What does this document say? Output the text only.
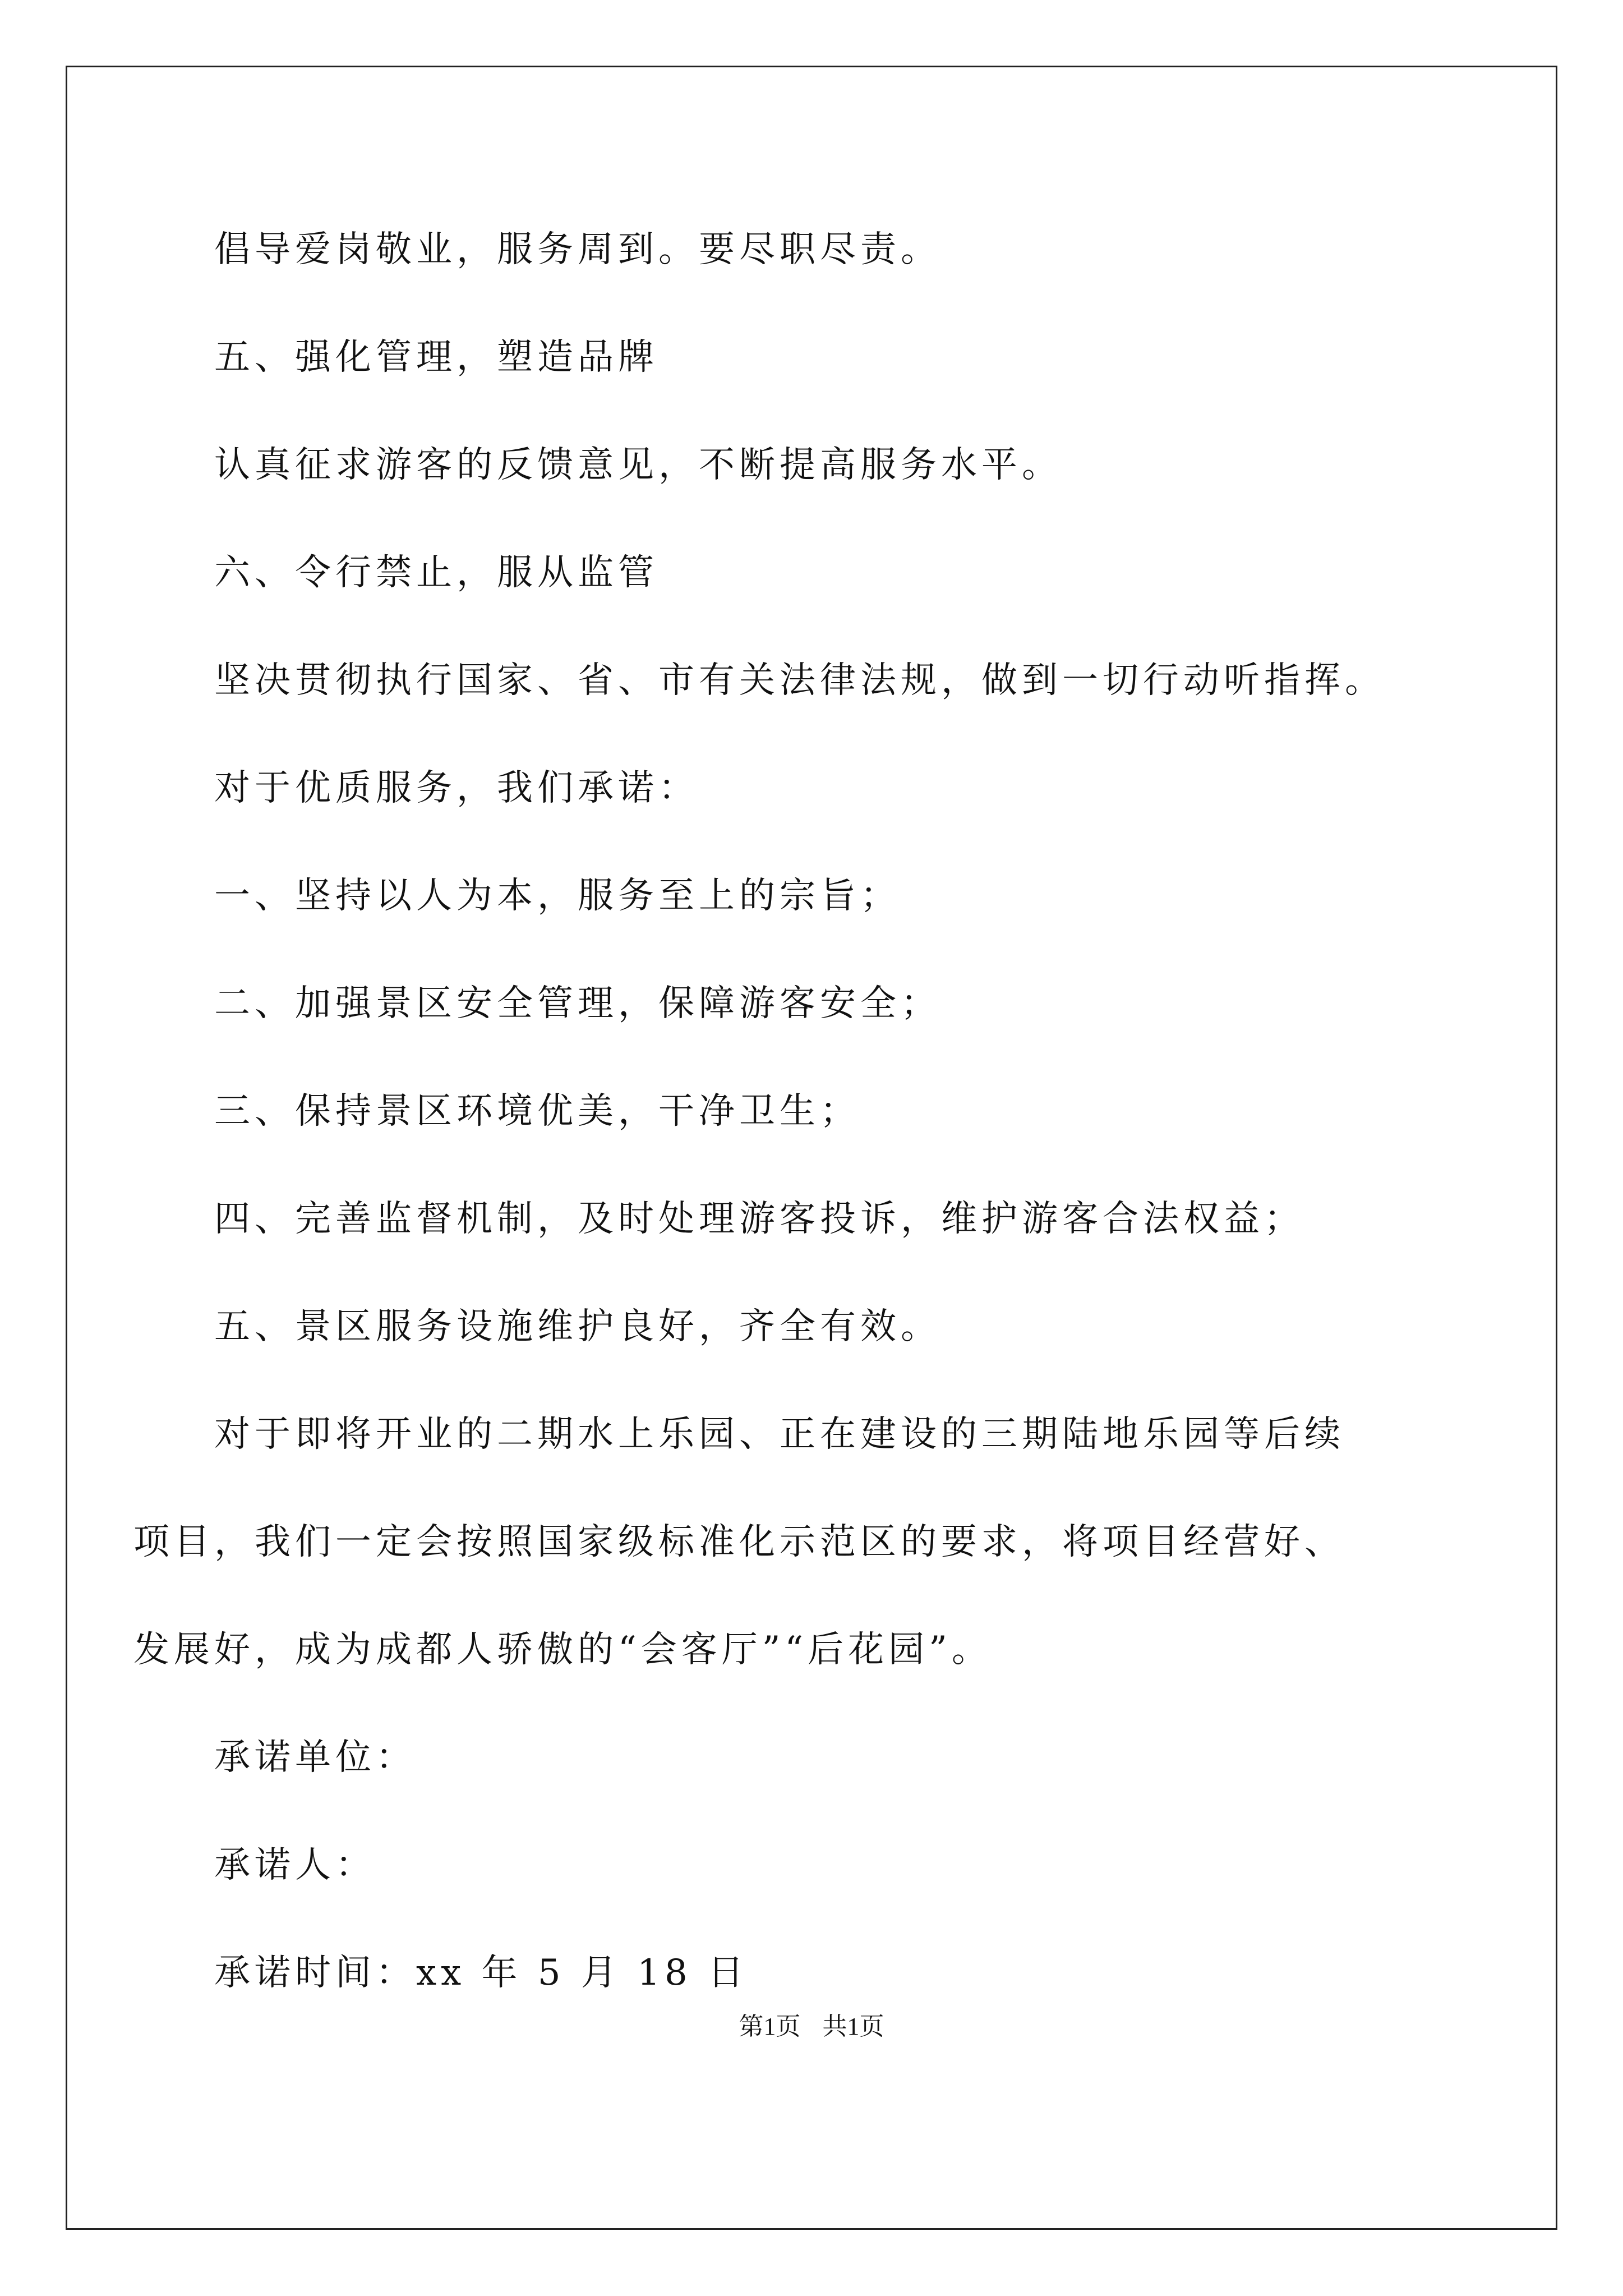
倡导爱岗敬业，服务周到。要尽职尽责。
五、强化管理，塑造品牌
认真征求游客的反馈意见，不断提高服务水平。
六、令行禁止，服从监管
坚决贯彻执行国家、省、市有关法律法规，做到一切行动听指挥。
对于优质服务，我们承诺：
一、坚持以人为本，服务至上的宗旨；
二、加强景区安全管理，保障游客安全；
三、保持景区环境优美，干净卫生；
四、完善监督机制，及时处理游客投诉，维护游客合法权益；
五、景区服务设施维护良好，齐全有效。
对于即将开业的二期水上乐园、正在建设的三期陆地乐园等后续
项目，我们一定会按照国家级标准化示范区的要求，将项目经营好、
发展好，成为成都人骄傲的“会客厅”“后花园”。
承诺单位：
承诺人：
承诺时间：xx 年 5 月 18 日
第1页 共1页
